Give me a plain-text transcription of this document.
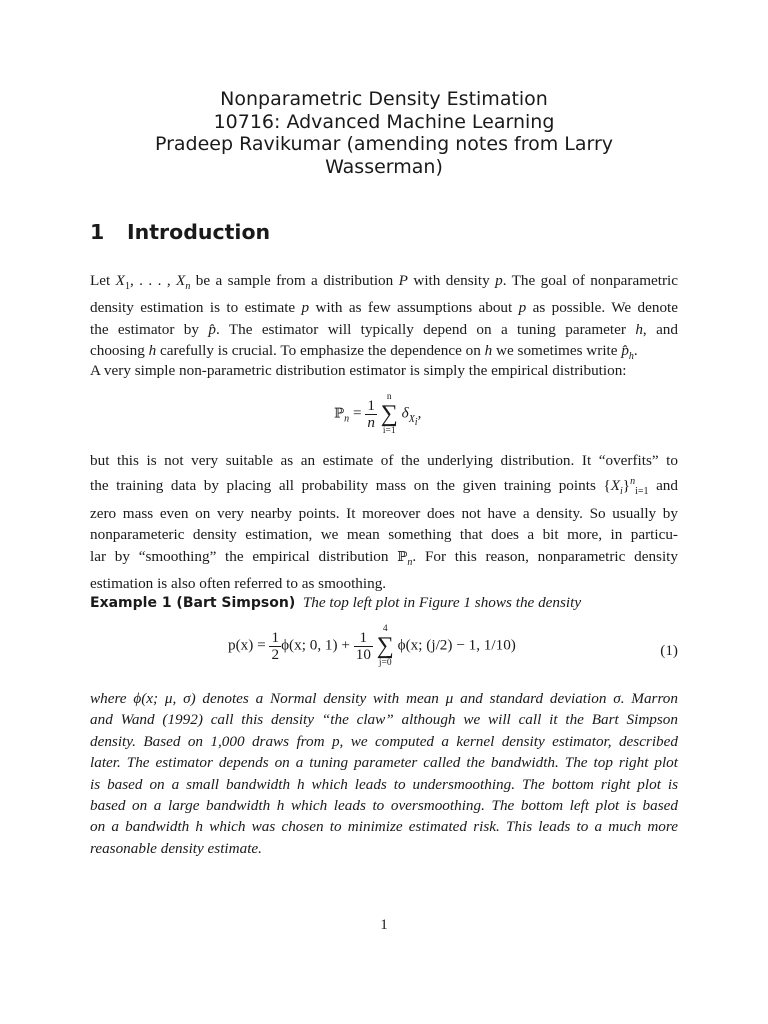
Nonparametric Density Estimation
10716: Advanced Machine Learning
Pradeep Ravikumar (amending notes from Larry
Wasserman)
1 Introduction
Let $X_1$, . . . , $X_n$ be a sample from a distribution P with density p. The goal of nonparametric
density estimation is to estimate p with as few assumptions about p as possible. We denote
the estimator by p̂. The estimator will typically depend on a tuning parameter h, and
choosing h carefully is crucial. To emphasize the dependence on h we sometimes write $p̂_h$.
A very simple non-parametric distribution estimator is simply the empirical distribution:
ℙ$_n$ = $\frac{1}{n}$

n
∑
i=1
$\delta_{X_i}$,
but this is not very suitable as an estimate of the underlying distribution. It “overfits” to
the training data by placing all probability mass on the given training points $\{X_i\}^n_{i=1}$ and
zero mass even on very nearby points. It moreover does not have a density. So usually by
nonparameteric density estimation, we mean something that does a bit more, in particu-
lar by “smoothing” the empirical distribution ℙ$_n$. For this reason, nonparametric density
estimation is also often referred to as smoothing.
Example 1 (Bart Simpson) The top left plot in Figure 1 shows the density
$p(x) = \frac{1}{2} \phi(x$; 0, $1) + \frac{1}{10}$

4
∑
j=0
ϕ(x; (j/2) − 1, 1/10)	(1)
where ϕ(x; μ, σ) denotes a Normal density with mean μ and standard deviation σ. Marron
and Wand (1992) call this density “the claw” although we will call it the Bart Simpson
density. Based on 1,000 draws from p, we computed a kernel density estimator, described
later. The estimator depends on a tuning parameter called the bandwidth. The top right plot
is based on a small bandwidth h which leads to undersmoothing. The bottom right plot is
based on a large bandwidth h which leads to oversmoothing. The bottom left plot is based
on a bandwidth h which was chosen to minimize estimated risk. This leads to a much more
reasonable density estimate.
1
